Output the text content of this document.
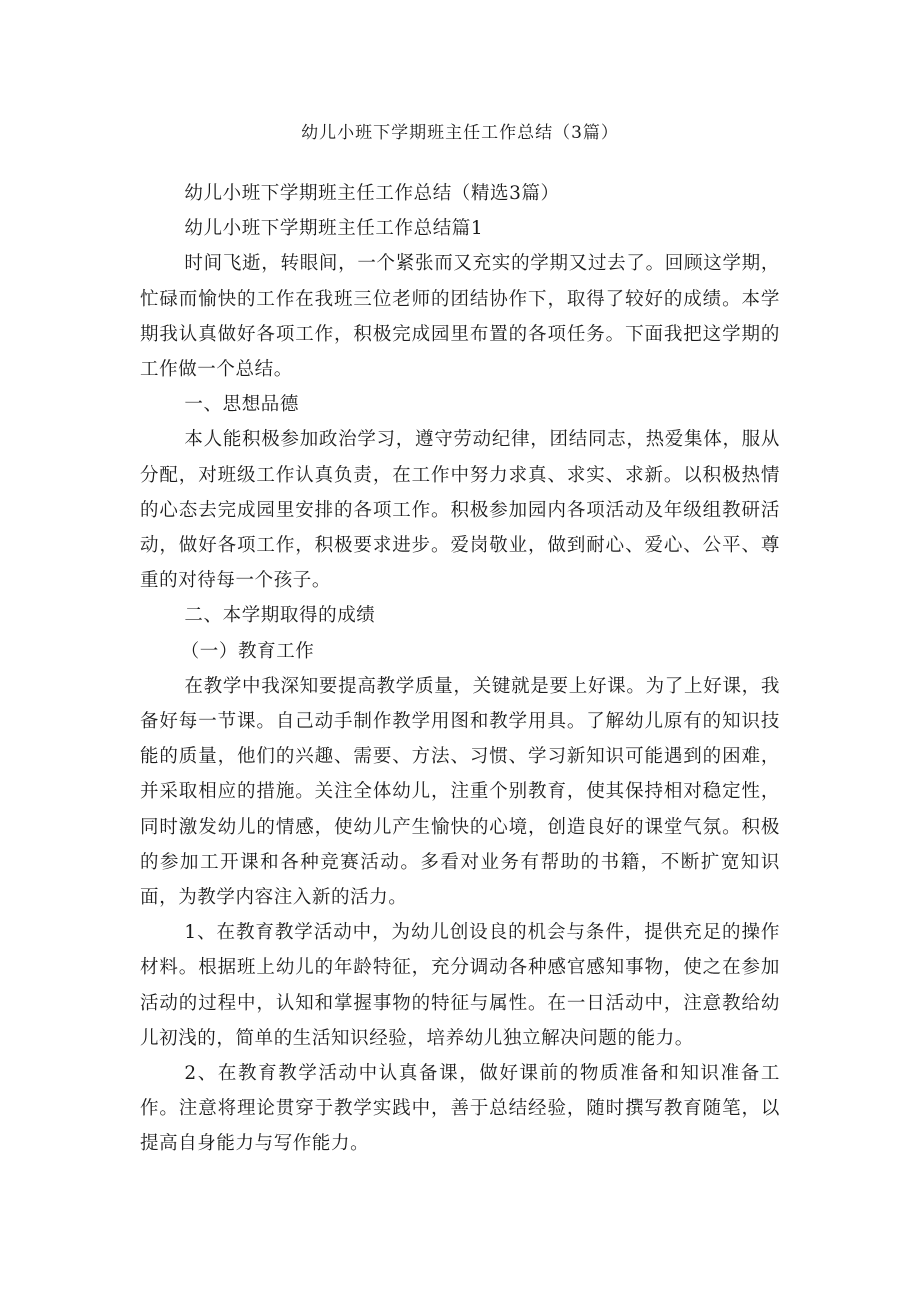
幼儿小班下学期班主任工作总结（3篇）

幼儿小班下学期班主任工作总结（精选3篇）

幼儿小班下学期班主任工作总结篇1

时间飞逝，转眼间，一个紧张而又充实的学期又过去了。回顾这学期，忙碌而愉快的工作在我班三位老师的团结协作下，取得了较好的成绩。本学期我认真做好各项工作，积极完成园里布置的各项任务。下面我把这学期的工作做一个总结。

一、思想品德

本人能积极参加政治学习，遵守劳动纪律，团结同志，热爱集体，服从分配，对班级工作认真负责，在工作中努力求真、求实、求新。以积极热情的心态去完成园里安排的各项工作。积极参加园内各项活动及年级组教研活动，做好各项工作，积极要求进步。爱岗敬业，做到耐心、爱心、公平、尊重的对待每一个孩子。

二、本学期取得的成绩

（一）教育工作

在教学中我深知要提高教学质量，关键就是要上好课。为了上好课，我备好每一节课。自己动手制作教学用图和教学用具。了解幼儿原有的知识技能的质量，他们的兴趣、需要、方法、习惯、学习新知识可能遇到的困难，并采取相应的措施。关注全体幼儿，注重个别教育，使其保持相对稳定性，同时激发幼儿的情感，使幼儿产生愉快的心境，创造良好的课堂气氛。积极的参加工开课和各种竞赛活动。多看对业务有帮助的书籍，不断扩宽知识面，为教学内容注入新的活力。

1、在教育教学活动中，为幼儿创设良的机会与条件，提供充足的操作材料。根据班上幼儿的年龄特征，充分调动各种感官感知事物，使之在参加活动的过程中，认知和掌握事物的特征与属性。在一日活动中，注意教给幼儿初浅的，简单的生活知识经验，培养幼儿独立解决问题的能力。

2、在教育教学活动中认真备课，做好课前的物质准备和知识准备工作。注意将理论贯穿于教学实践中，善于总结经验，随时撰写教育随笔，以提高自身能力与写作能力。
